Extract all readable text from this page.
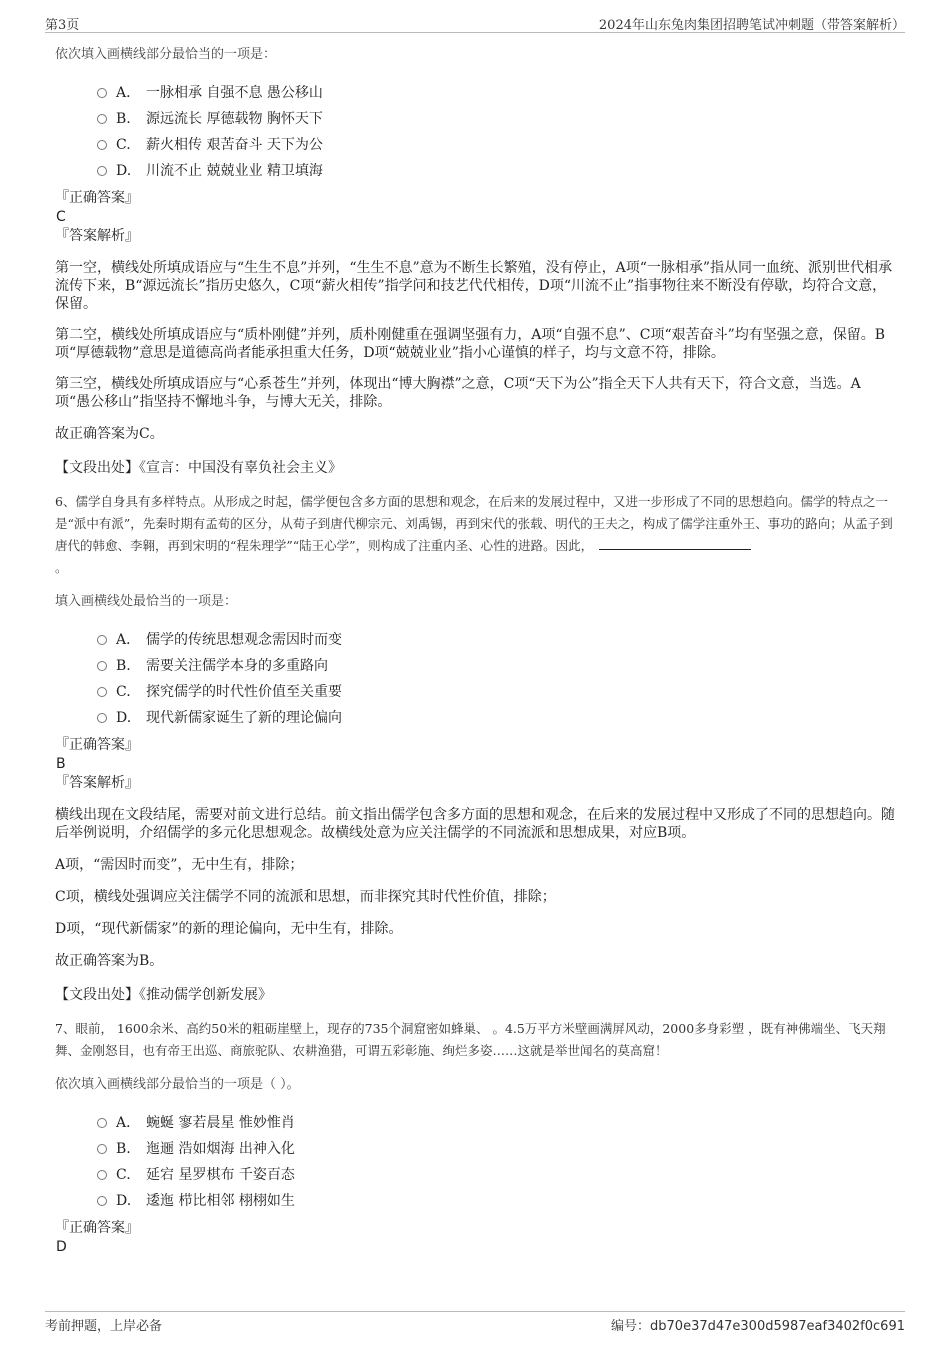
第3页	2024年山东兔肉集团招聘笔试冲刺题（带答案解析）

依次填入画横线部分最恰当的一项是：

A． 一脉相承 自强不息 愚公移山
B.	源远流长 厚德载物 胸怀天下
C.	薪火相传 艰苦奋斗 天下为公
D.	川流不止 兢兢业业 精卫填海

『正确答案』

C

『答案解析』

第一空，横线处所填成语应与“生生不息”并列，“生生不息”意为不断生长繁殖，没有停止，A项“一脉相承”指从同一血统、派别世代相承流传下来，B“源远流长”指历史悠久，C项“薪火相传”指学问和技艺代代相传，D项“川流不止”指事物往来不断没有停歇，均符合文意，保留。

第二空，横线处所填成语应与“质朴刚健”并列，质朴刚健重在强调坚强有力，A项“自强不息”、C项“艰苦奋斗”均有坚强之意，保留。B项“厚德载物”意思是道德高尚者能承担重大任务，D项“兢兢业业”指小心谨慎的样子，均与文意不符，排除。

第三空，横线处所填成语应与“心系苍生”并列，体现出“博大胸襟”之意，C项“天下为公”指全天下人共有天下，符合文意，当选。A项“愚公移山”指坚持不懈地斗争，与博大无关，排除。

故正确答案为C。

【文段出处】《宣言：中国没有辜负社会主义》

6、儒学自身具有多样特点。从形成之时起，儒学便包含多方面的思想和观念，在后来的发展过程中，又进一步形成了不同的思想趋向。儒学的特点之一是“派中有派”，先秦时期有孟荀的区分，从荀子到唐代柳宗元、刘禹锡，再到宋代的张载、明代的王夫之，构成了儒学注重外王、事功的路向；从孟子到唐代的韩愈、李翱，再到宋明的“程朱理学”“陆王心学”，则构成了注重内圣、心性的进路。因此，
。

填入画横线处最恰当的一项是：

A． 儒学的传统思想观念需因时而变
B.	需要关注儒学本身的多重路向
C.	探究儒学的时代性价值至关重要
D.	现代新儒家诞生了新的理论偏向

『正确答案』

B

『答案解析』

横线出现在文段结尾，需要对前文进行总结。前文指出儒学包含多方面的思想和观念，在后来的发展过程中又形成了不同的思想趋向。随后举例说明，介绍儒学的多元化思想观念。故横线处意为应关注儒学的不同流派和思想成果，对应B项。

A项，“需因时而变”，无中生有，排除；

C项，横线处强调应关注儒学不同的流派和思想，而非探究其时代性价值，排除；

D项，“现代新儒家”的新的理论偏向，无中生有，排除。

故正确答案为B。

【文段出处】《推动儒学创新发展》

7、眼前， 1600余米、高约50米的粗砺崖壁上，现存的735个洞窟密如蜂巢、 。4.5万平方米壁画满屏风动，2000多身彩塑 ，既有神佛端坐、飞天翔舞、金刚怒目，也有帝王出巡、商旅驼队、农耕渔猎，可谓五彩彰施、绚烂多姿……这就是举世闻名的莫高窟！

依次填入画横线部分最恰当的一项是（ ）。

A． 蜿蜒 寥若晨星 惟妙惟肖
B.	迤逦 浩如烟海 出神入化
C.	延宕 星罗棋布 千姿百态
D.	逶迤 栉比相邻 栩栩如生

『正确答案』

D

考前押题，上岸必备	编号：db70e37d47e300d5987eaf3402f0c691
